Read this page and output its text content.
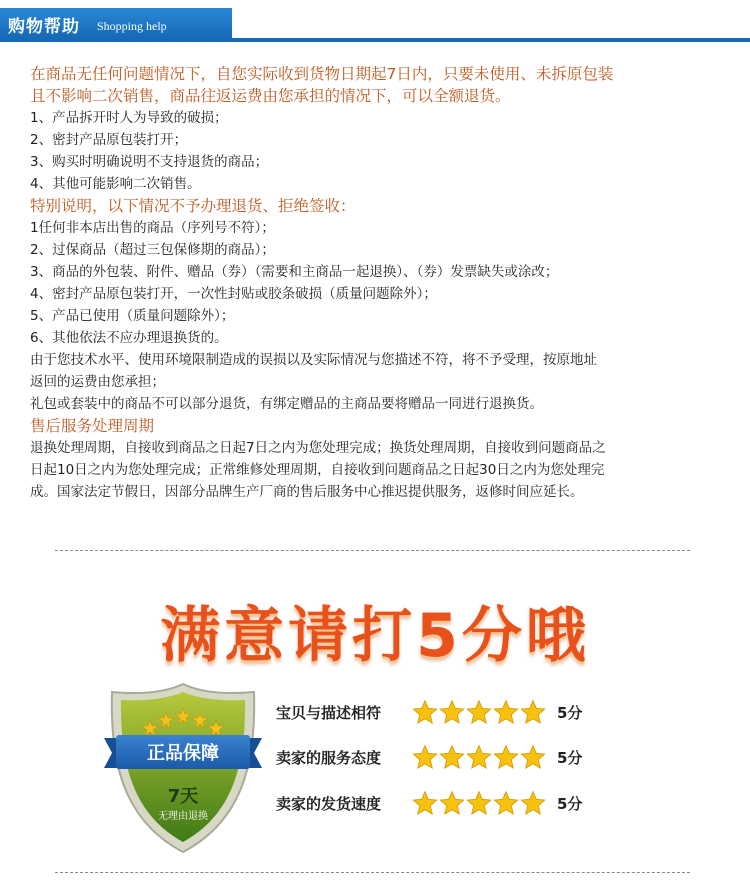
购物帮助 Shopping help
在商品无任何问题情况下，自您实际收到货物日期起7日内，只要未使用、未拆原包装
且不影响二次销售，商品往返运费由您承担的情况下，可以全额退货。
1、产品拆开时人为导致的破损；
2、密封产品原包装打开；
3、购买时明确说明不支持退货的商品；
4、其他可能影响二次销售。
特别说明，以下情况不予办理退货、拒绝签收：
1任何非本店出售的商品（序列号不符）；
2、过保商品（超过三包保修期的商品）；
3、商品的外包装、附件、赠品（券）（需要和主商品一起退换）、（券）发票缺失或涂改；
4、密封产品原包装打开，一次性封贴或胶条破损（质量问题除外）；
5、产品已使用（质量问题除外）；
6、其他依法不应办理退换货的。
由于您技术水平、使用环境限制造成的误损以及实际情况与您描述不符，将不予受理，按原地址
返回的运费由您承担；
礼包或套装中的商品不可以部分退货，有绑定赠品的主商品要将赠品一同进行退换货。
售后服务处理周期
退换处理周期，自接收到商品之日起7日之内为您处理完成；换货处理周期，自接收到问题商品之
日起10日之内为您处理完成；正常维修处理周期，自接收到问题商品之日起30日之内为您处理完
成。国家法定节假日，因部分品牌生产厂商的售后服务中心推迟提供服务，返修时间应延长。
满意请打5分哦
正品保障
7天
无理由退换
宝贝与描述相符	5分
卖家的服务态度	5分
卖家的发货速度	5分
